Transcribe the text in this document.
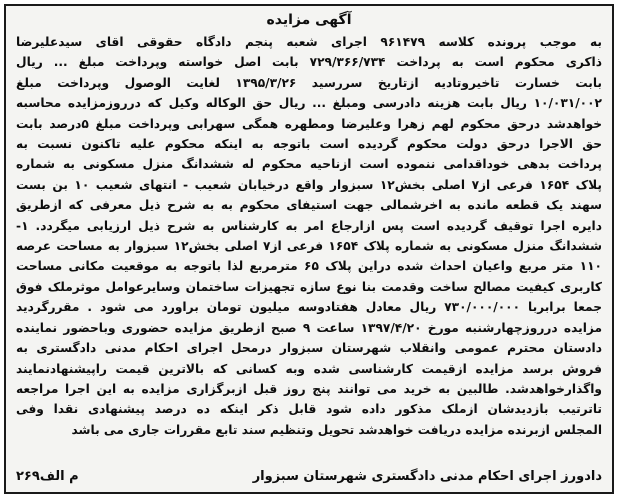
آگهی مزایده
به موجب پرونده کلاسه ۹۶۱۴۷۹ اجرای شعبه پنجم دادگاه حقوقی اقای سیدعلیرضا
ذاکری محکوم است به پرداخت ۷۲۹/۳۶۶/۷۳۴ بابت اصل خواسته وپرداخت مبلغ ... ریال
بابت خسارت تاخیروتادیه ازتاریخ سررسید ۱۳۹۵/۳/۲۶ لغایت الوصول وپرداخت مبلغ
۱۰/۰۳۱/۰۰۲ ریال بابت هزینه دادرسی ومبلغ ... ریال حق الوکاله وکیل که درروزمزایده محاسبه
خواهدشد درحق محکوم لهم زهرا وعلیرضا ومطهره همگی سهرابی وپرداخت مبلغ ۵درصد بابت
حق الاجرا درحق دولت محکوم گردیده است باتوجه به اینکه محکوم علیه تاکنون نسبت به
پرداخت بدهی خوداقدامی ننموده است ازناحیه محکوم له ششدانگ منزل مسکونی به شماره
پلاک ۱۶۵۴ فرعی از۷ اصلی بخش۱۲ سبزوار واقع درخیابان شعیب - انتهای شعیب ۱۰ بن بست
سهند یک قطعه مانده به اخرشمالی جهت استیفای محکوم به به شرح ذیل معرفی که ازطریق
دایره اجرا توقیف گردیده است پس ازارجاع امر به کارشناس به شرح ذیل ارزیابی میگردد. ۱-
ششدانگ منزل مسکونی به شماره پلاک ۱۶۵۴ فرعی از۷ اصلی بخش۱۲ سبزوار به مساحت عرصه
۱۱۰ متر مربع واعیان احداث شده دراین پلاک ۶۵ مترمربع لذا باتوجه به موقعیت مکانی مساحت
کاربری کیفیت مصالح ساخت وقدمت بنا نوع سازه تجهیزات ساختمان وسایرعوامل موثرملک فوق
جمعا برابربا ۷۳۰/۰۰۰/۰۰۰ ریال معادل هفتادوسه میلیون تومان براورد می شود . مقررگردید
مزایده درروزچهارشنبه مورخ ۱۳۹۷/۴/۲۰ ساعت ۹ صبح ازطریق مزایده حضوری وباحضور نماینده
دادستان محترم عمومی وانقلاب شهرستان سبزوار درمحل اجرای احکام مدنی دادگستری به
فروش برسد مزایده ازقیمت کارشناسی شده وبه کسانی که بالاترین قیمت راپیشنهادنمایند
واگذارخواهدشد. طالبین به خرید می توانند پنج روز قبل ازبرگزاری مزایده به این اجرا مراجعه
تاترتیب بازدیدشان ازملک مذکور داده شود قابل ذکر اینکه ده درصد پیشنهادی نقدا وفی
المجلس ازبرنده مزایده دریافت خواهدشد تحویل وتنظیم سند تابع مقررات جاری می باشد
دادورز اجرای احکام مدنی دادگستری شهرستان سبزوار
م الف۲۶۹
